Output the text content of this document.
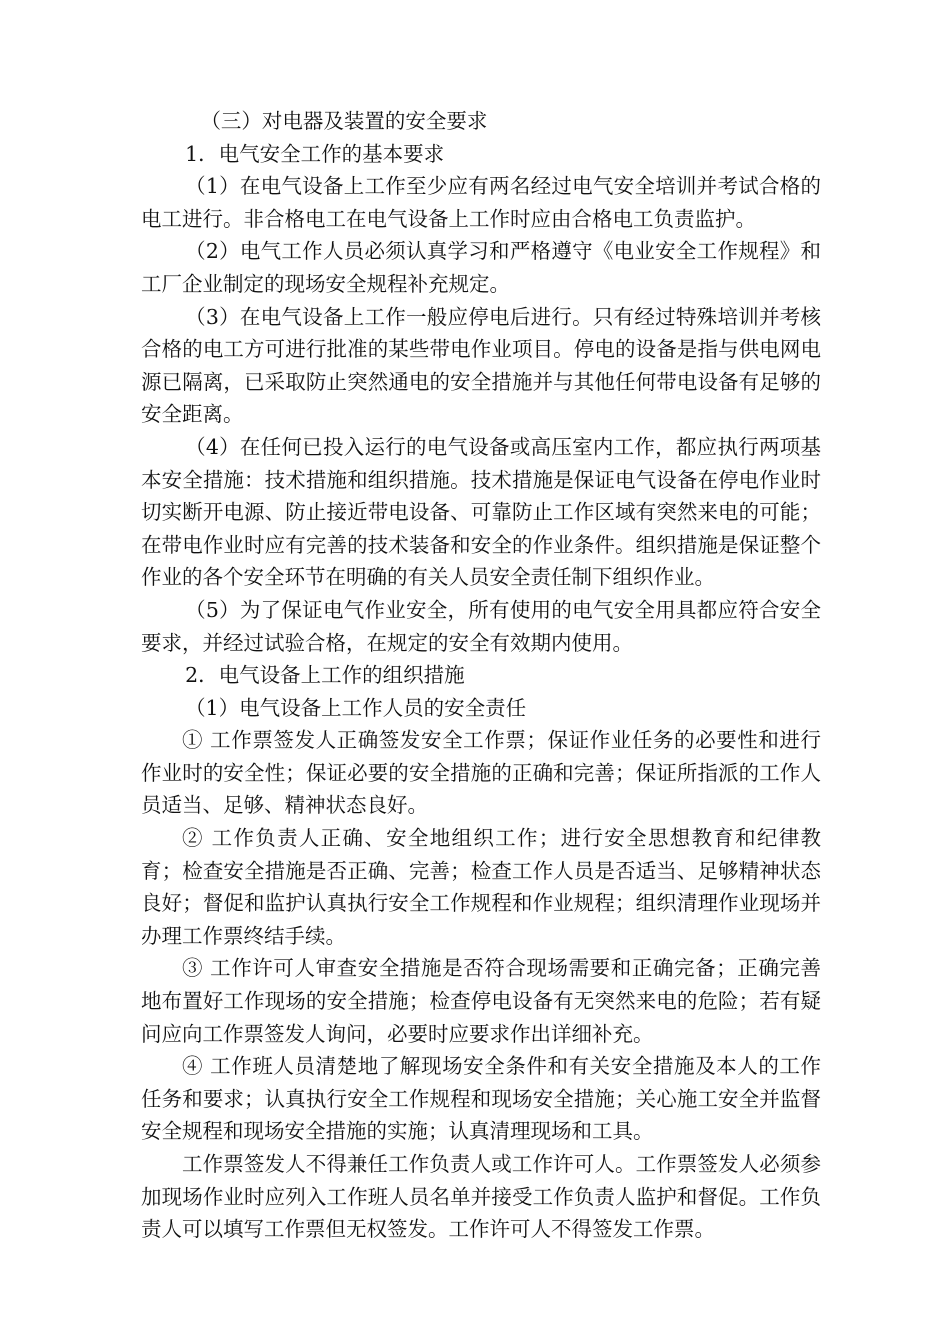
（三）对电器及装置的安全要求

1．电气安全工作的基本要求

（1）在电气设备上工作至少应有两名经过电气安全培训并考试合格的电工进行。非合格电工在电气设备上工作时应由合格电工负责监护。

（2）电气工作人员必须认真学习和严格遵守《电业安全工作规程》和工厂企业制定的现场安全规程补充规定。

（3）在电气设备上工作一般应停电后进行。只有经过特殊培训并考核合格的电工方可进行批准的某些带电作业项目。停电的设备是指与供电网电源已隔离，已采取防止突然通电的安全措施并与其他任何带电设备有足够的安全距离。

（4）在任何已投入运行的电气设备或高压室内工作，都应执行两项基本安全措施：技术措施和组织措施。技术措施是保证电气设备在停电作业时切实断开电源、防止接近带电设备、可靠防止工作区域有突然来电的可能；在带电作业时应有完善的技术装备和安全的作业条件。组织措施是保证整个作业的各个安全环节在明确的有关人员安全责任制下组织作业。

（5）为了保证电气作业安全，所有使用的电气安全用具都应符合安全要求，并经过试验合格，在规定的安全有效期内使用。

2．电气设备上工作的组织措施

（1）电气设备上工作人员的安全责任

① 工作票签发人正确签发安全工作票；保证作业任务的必要性和进行作业时的安全性；保证必要的安全措施的正确和完善；保证所指派的工作人员适当、足够、精神状态良好。

② 工作负责人正确、安全地组织工作；进行安全思想教育和纪律教育；检查安全措施是否正确、完善；检查工作人员是否适当、足够精神状态良好；督促和监护认真执行安全工作规程和作业规程；组织清理作业现场并办理工作票终结手续。

③ 工作许可人审查安全措施是否符合现场需要和正确完备；正确完善地布置好工作现场的安全措施；检查停电设备有无突然来电的危险；若有疑问应向工作票签发人询问，必要时应要求作出详细补充。

④ 工作班人员清楚地了解现场安全条件和有关安全措施及本人的工作任务和要求；认真执行安全工作规程和现场安全措施；关心施工安全并监督安全规程和现场安全措施的实施；认真清理现场和工具。

工作票签发人不得兼任工作负责人或工作许可人。工作票签发人必须参加现场作业时应列入工作班人员名单并接受工作负责人监护和督促。工作负责人可以填写工作票但无权签发。工作许可人不得签发工作票。
